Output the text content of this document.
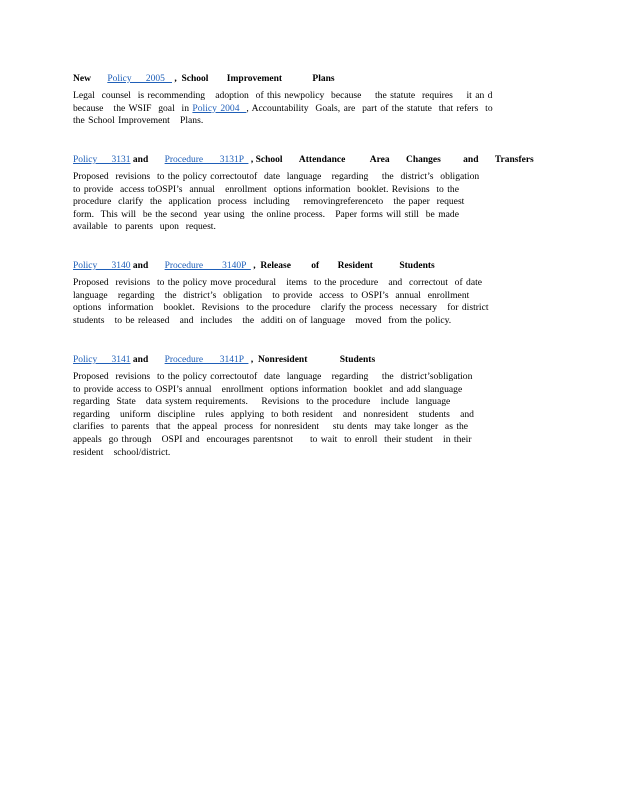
New Policy      2005    ,  School Improvement	Plans
Legal  counsel  is recommending   adoption  of this newpolicy  because    the statute  requires    it an d
because   the WSIF  goal  in Policy 2004  , Accountability  Goals, are  part of the statute  that refers  to
the School Improvement   Plans.
Policy      3131 and Procedure       3131P   , School Attendance	Area Changes and Transfers
Proposed  revisions  to the policy correctoutof  date  language   regarding    the  district’s  obligation
to provide  access toOSPI’s  annual   enrollment  options information  booklet. Revisions  to the
procedure  clarify  the  application  process  including    removingreferenceto   the paper  request
form.  This will  be the second  year using  the online process.   Paper forms will still  be made
available  to parents  upon  request.
Policy      3140 and Procedure        3140P   ,  Release of Resident	Students
Proposed  revisions  to the policy move procedural   items  to the procedure   and  correctout  of date
language   regarding   the  district’s  obligation   to provide  access  to OSPI’s  annual  enrollment
options  information   booklet.  Revisions  to the procedure   clarify the process  necessary   for district
students   to be released   and  includes   the  additi on of language   moved  from the policy.
Policy      3141 and Procedure       3141P   ,  Nonresident	Students
Proposed  revisions  to the policy correctoutof  date  language   regarding    the  district’sobligation
to provide access to OSPI’s annual   enrollment  options information  booklet  and add slanguage
regarding  State   data system requirements.    Revisions  to the procedure   include  language
regarding   uniform  discipline   rules  applying  to both resident   and  nonresident   students   and
clarifies  to parents  that  the appeal  process  for nonresident    stu dents  may take longer  as the
appeals  go through   OSPI and  encourages parentsnot     to wait  to enroll  their student   in their
resident   school/district.
